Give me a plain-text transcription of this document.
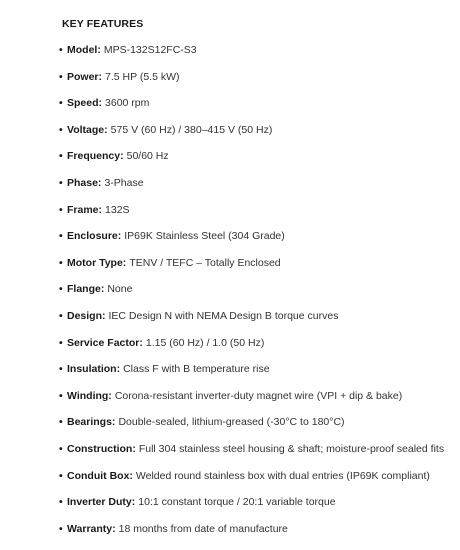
KEY FEATURES
• Model: MPS-132S12FC-S3
• Power: 7.5 HP (5.5 kW)
• Speed: 3600 rpm
• Voltage: 575 V (60 Hz) / 380–415 V (50 Hz)
• Frequency: 50/60 Hz
• Phase: 3-Phase
• Frame: 132S
• Enclosure: IP69K Stainless Steel (304 Grade)
• Motor Type: TENV / TEFC – Totally Enclosed
• Flange: None
• Design: IEC Design N with NEMA Design B torque curves
• Service Factor: 1.15 (60 Hz) / 1.0 (50 Hz)
• Insulation: Class F with B temperature rise
• Winding: Corona-resistant inverter-duty magnet wire (VPI + dip & bake)
• Bearings: Double-sealed, lithium-greased (-30°C to 180°C)
• Construction: Full 304 stainless steel housing & shaft; moisture-proof sealed fits
• Conduit Box: Welded round stainless box with dual entries (IP69K compliant)
• Inverter Duty: 10:1 constant torque / 20:1 variable torque
• Warranty: 18 months from date of manufacture
